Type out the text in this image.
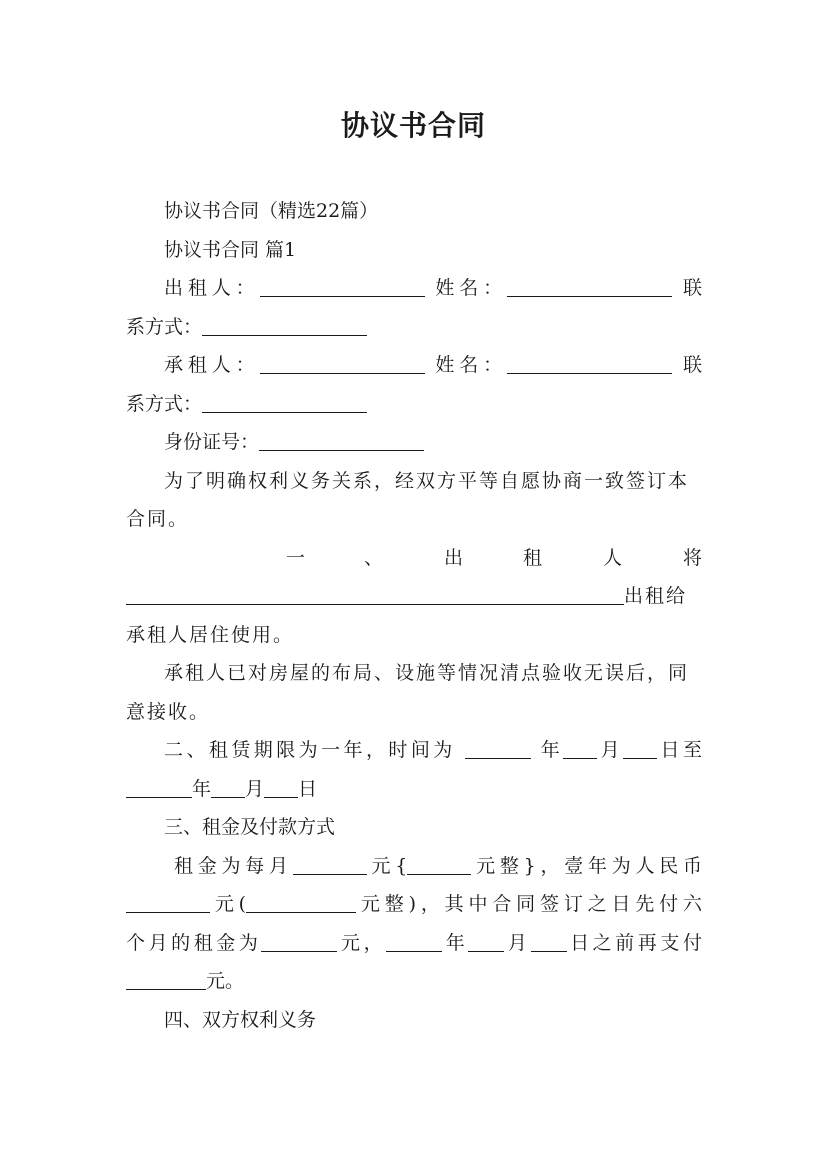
协议书合同

协议书合同（精选22篇）

协议书合同 篇1

出租人：	姓名：	联

系方式：

承租人：	姓名：	联

系方式：

身份证号：

为了明确权利义务关系，经双方平等自愿协商一致签订本合同。

一	、	出	租	人	将

出租给

承租人居住使用。

承租人已对房屋的布局、设施等情况清点验收无误后，同意接收。

二、租赁期限为一年，时间为	年 月 日至

年 月 日

三、租金及付款方式

租金为每月	元{	元整}，壹年为人民币

元(	元整)，其中合同签订之日先付六

个月的租金为	元，	年 月 日之前再支付

元。

四、双方权利义务
